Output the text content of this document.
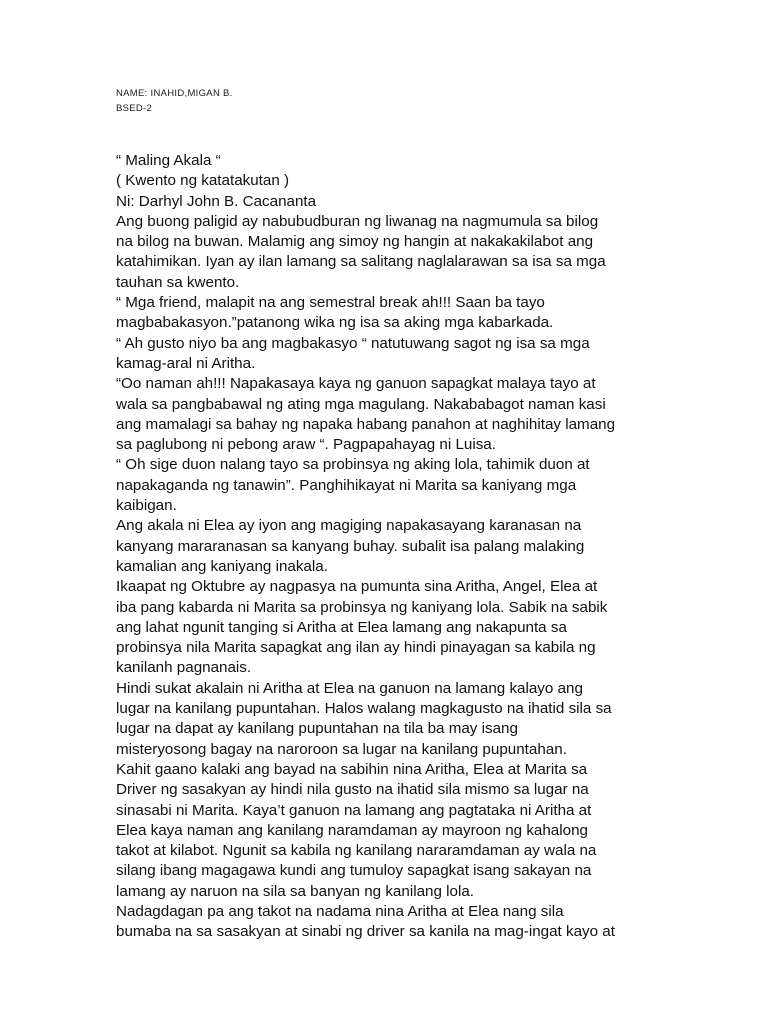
NAME: INAHID,MIGAN B.
BSED-2
“ Maling Akala “
( Kwento ng katatakutan )
Ni: Darhyl John B. Cacananta
Ang buong paligid ay nabubudburan ng liwanag na nagmumula sa bilog
na bilog na buwan. Malamig ang simoy ng hangin at nakakakilabot ang
katahimikan. Iyan ay ilan lamang sa salitang naglalarawan sa isa sa mga
tauhan sa kwento.
“ Mga friend, malapit na ang semestral break ah!!! Saan ba tayo
magbabakasyon.”patanong wika ng isa sa aking mga kabarkada.
“ Ah gusto niyo ba ang magbakasyo “ natutuwang sagot ng isa sa mga
kamag-aral ni Aritha.
“Oo naman ah!!! Napakasaya kaya ng ganuon sapagkat malaya tayo at
wala sa pangbabawal ng ating mga magulang. Nakababagot naman kasi
ang mamalagi sa bahay ng napaka habang panahon at naghihitay lamang
sa paglubong ni pebong araw “. Pagpapahayag ni Luisa.
“ Oh sige duon nalang tayo sa probinsya ng aking lola, tahimik duon at
napakaganda ng tanawin”. Panghihikayat ni Marita sa kaniyang mga
kaibigan.
Ang akala ni Elea ay iyon ang magiging napakasayang karanasan na
kanyang mararanasan sa kanyang buhay. subalit isa palang malaking
kamalian ang kaniyang inakala.
Ikaapat ng Oktubre ay nagpasya na pumunta sina Aritha, Angel, Elea at
iba pang kabarda ni Marita sa probinsya ng kaniyang lola. Sabik na sabik
ang lahat ngunit tanging si Aritha at Elea lamang ang nakapunta sa
probinsya nila Marita sapagkat ang ilan ay hindi pinayagan sa kabila ng
kanilanh pagnanais.
Hindi sukat akalain ni Aritha at Elea na ganuon na lamang kalayo ang
lugar na kanilang pupuntahan. Halos walang magkagusto na ihatid sila sa
lugar na dapat ay kanilang pupuntahan na tila ba may isang
misteryosong bagay na naroroon sa lugar na kanilang pupuntahan.
Kahit gaano kalaki ang bayad na sabihin nina Aritha, Elea at Marita sa
Driver ng sasakyan ay hindi nila gusto na ihatid sila mismo sa lugar na
sinasabi ni Marita. Kaya’t ganuon na lamang ang pagtataka ni Aritha at
Elea kaya naman ang kanilang naramdaman ay mayroon ng kahalong
takot at kilabot. Ngunit sa kabila ng kanilang nararamdaman ay wala na
silang ibang magagawa kundi ang tumuloy sapagkat isang sakayan na
lamang ay naruon na sila sa banyan ng kanilang lola.
Nadagdagan pa ang takot na nadama nina Aritha at Elea nang sila
bumaba na sa sasakyan at sinabi ng driver sa kanila na mag-ingat kayo at
